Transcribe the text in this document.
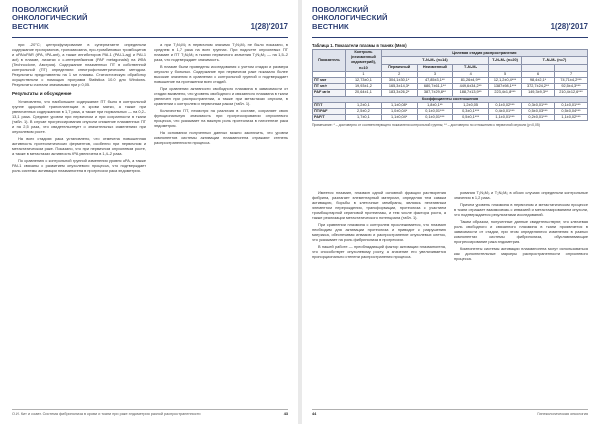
ПОВОЛЖСКИЙ
ОНКОЛОГИЧЕСКИЙ
ВЕСТНИК	1(28)'2017

при -20°С; центрифугирование в супернатанте определяли содержание прогормонов, тропомиозина, про-тромбиновых тромбоцитов и uPA/uPAR (tPA, tPA-ant), а также ингибиторов PAI-1 (PAI-1-ag) и PAI-1 act) в плазме, лизатах с с-интерлейкином (PAF metagonalsl) на ИФА (Technoclone, Австрия). Содержание плазменных ПТ в собственной контрольной (ПТ) определяли спектрофотометрическим методом. Результаты представлены на 1 мг плазмы. Статистическую обработку осуществляли с помощью программ Statistica 10.0 для Windows. Результаты считали значимыми при р 0,05.

Результаты и обсуждение

Установлено, что наибольшее содержание ПТ было в контрольной группе здоровой трансплантации в крови матки, а также при увеличенных содержаниях в 1,7 раза, а также при нормальных — на 0,2–13,1 раза. Средние уровни при первичном и при сохранности в ткани (табл. 1). В случае прогрессирования опухоли снижение плазменных ПТ и на 2,5 раза, что свидетельствует о значительных изменениях при опухолевом росте.

На всех стадиях рака установлено, что отмечена повышенная активность протеолитических ферментов, особенно при первичном и метастатическом раке. Показано, что при первичном опухолевом росте, а также в метастазах активность tPA увеличена в 1,4–2 раза.

По сравнению с контрольной группой изменения уровня uPA, а также PAI-1 связаны с развитием опухолевого процесса, что подтверждает роль системы активации плазминогена в прогрессии рака эндометрия.

а при Т₁N₀M₀ в первичном значимо Т₂N₀M₀ не было показано, в среднем в 1,7 раза на всех группах. При подсчете опухолевых ПТ плазмин и ПТ Т₁N₀M₀ в тканях первичного значения Т₂N₀M₀ — на 1,5–2 раза, что подтверждает значимость.

В плазме были проведены исследования с учетом стадии и размера опухоли у больных. Содержание при первичном раке показало более высокие значения в сравнении с контрольной группой и подтверждает повышение на протяжении всех стадий.

При сравнении активности свободного плазмина в зависимости от стадии выявлено, что уровень свободного и связанного плазмина в ткани увеличен при распространении, а также при метастазах опухоли, в сравнении с контролем и первичным раком (табл. 1).

Количество ПТ, несмотря на различия в составе, сохраняет свою функциональную значимость при прогрессировании опухолевого процесса, что указывает на важную роль протеолиза в патогенезе рака эндометрия.

На основании полученных данных можно заключить, что уровни компонентов системы активации плазминогена отражают степень распространенности процесса.

О.И. Кит и соавт. Система фибринолиза в крови и ткани при раке эндометрия разной распространенности	43
ПОВОЛЖСКИЙ
ОНКОЛОГИЧЕСКИЙ
ВЕСТНИК	1(28)'2017
Таблица 1. Показатели плазмы в тканях (M±m)
Показатель	Контроль (неизменный эндометрий), n=10	Целевая стадия распространения					
		Т₁N₀M₀ (n=14)			Т₂N₀M₀ (n=20)	Т₃N₀M₀ (n=7)	
		Первичный	Неизменный	Т₁N₀M₀			
	1	2	3	4	5	6	7
ПТ мкг	12,73±0,1	304,1±30,1*	47,85±3,1**	81,26±4,9**	12,1,2±0,4***	98,4±2,1*	74,71±4,2***
ПТ мг/г	19,93±1,2	165,3±14,3*	680,7±61,1**	449,6±34,2**	1387±98,1***	372,7±24,2**	92,5±4,3***
PAF мг/л	20,64±1,1	183,3±26,2*	387,7±29,8**	188,7±13,9**	223,4±1,8***	149,3±9,3**	210,4±12,6***
Коэффициенты соотношения							
ПТ/Т	1,2±0,1	1,1±0,08*	1,8±0,1**	1,2±0,05	0,1±0,02***	0,3±0,01***	0,1±0,01***
ПТ/PAF	2,5±0,2	1,0±0,04*	0,1±0,01***	0,3±0,1***	0,4±0,01***	0,5±0,03***	0,5±0,04***
PAF/Т	1,7±0,1	1,1±0,04*	0,1±0,01***	0,5±0,1***	1,1±0,01***	0,2±0,01***	1,1±0,02***
Примечание: * – достоверно от соответствующего показателя контрольной группы; ** – достоверно по отношению к первичной опухоли (p<0,05)

Имеется плазмин, плазмин одной основной фракции растворения фибрина, разлагает элементарный материал, определяя тем самым активацию, борьбы в клеточные мембраны, являясь негативным элементом перерождения, трансформации, протеолиза с участием тромбоцитарной сериновой протеиназы, и тем числе фактора роста, а также реализации метастатического потенциала (табл. 1).

При сравнении плазмина с контролем прослеживается, что плазмин необходим для активации протеолиза и приводит к разрушению матрикса, обеспечивая инвазию и распространение опухолевых клеток, что указывает на роль фибринолиза в прогрессии.

В нашей работе — преобладающий фактор активации плазминогена, что способствует опухолевому росту, а значение его увеличивается пропорционально степени распространения процесса.

рования Т₁N₀M₀ и Т₂N₀M₀ в обоих случаях определяли контрольные значения в 1,2 раза.

Причем уровень плазмина в первичном и метастатическом процессе в ткани отражает взаимосвязь с инвазией и метастазированием опухоли, что подтверждается результатами исследований.

Таким образом, полученные данные свидетельствуют, что ключевая роль свободного и связанного плазмина в ткани проявляется в зависимости от стадии, при этом определяются изменения в разных компонентах системы фибринолиза, обуславливающие прогрессирование рака эндометрия.

Компоненты системы активации плазминогена могут использоваться как дополнительные маркеры распространенности опухолевого процесса.

44	Гинекологическая онкология
